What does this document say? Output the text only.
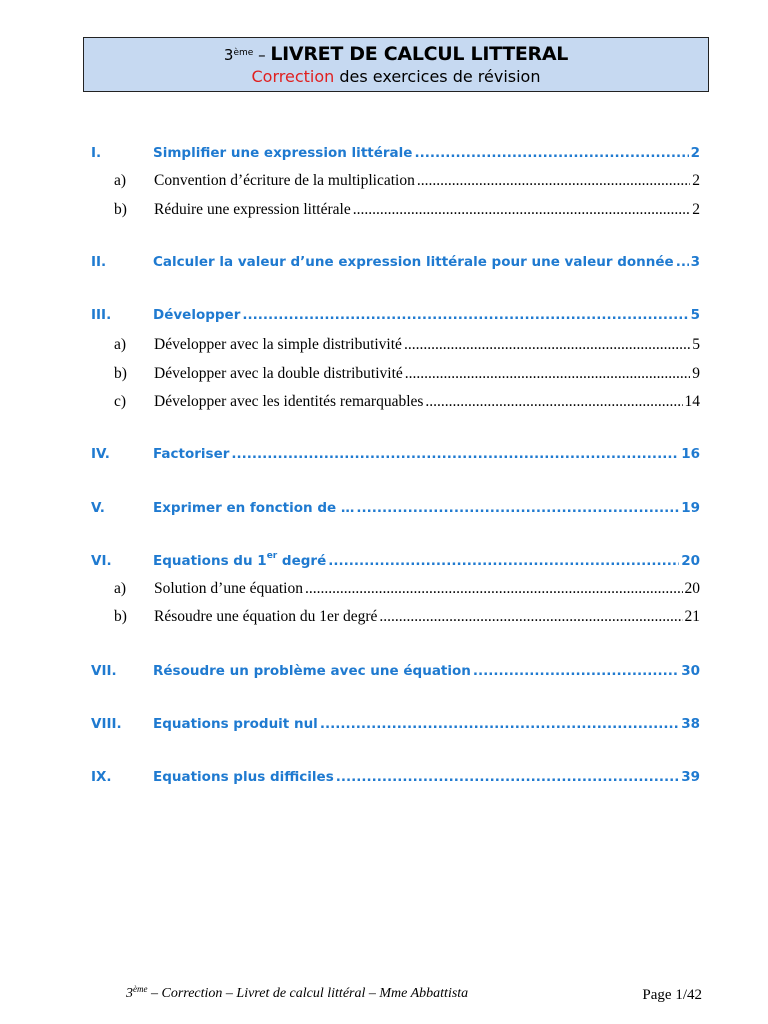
3ème – LIVRET DE CALCUL LITTERAL
Correction des exercices de révision
I.	Simplifier une expression littérale .....	2
a)	Convention d’écriture de la multiplication .....	2
b)	Réduire une expression littérale .....	2
II.	Calculer la valeur d’une expression littérale pour une valeur donnée ..... 3
III.	Développer .....	5
a)	Développer avec la simple distributivité .....	5
b)	Développer avec la double distributivité .....	9
c)	Développer avec les identités remarquables .....	14
IV.	Factoriser .....	16
V.	Exprimer en fonction de … .....	19
VI.	Equations du 1er degré .....	20
a)	Solution d’une équation .....	20
b)	Résoudre une équation du 1er degré .....	21
VII.	Résoudre un problème avec une équation .....	30
VIII.	Equations produit nul .....	38
IX.	Equations plus difficiles .....	39
3ème – Correction – Livret de calcul littéral – Mme Abbattista	Page 1/42
